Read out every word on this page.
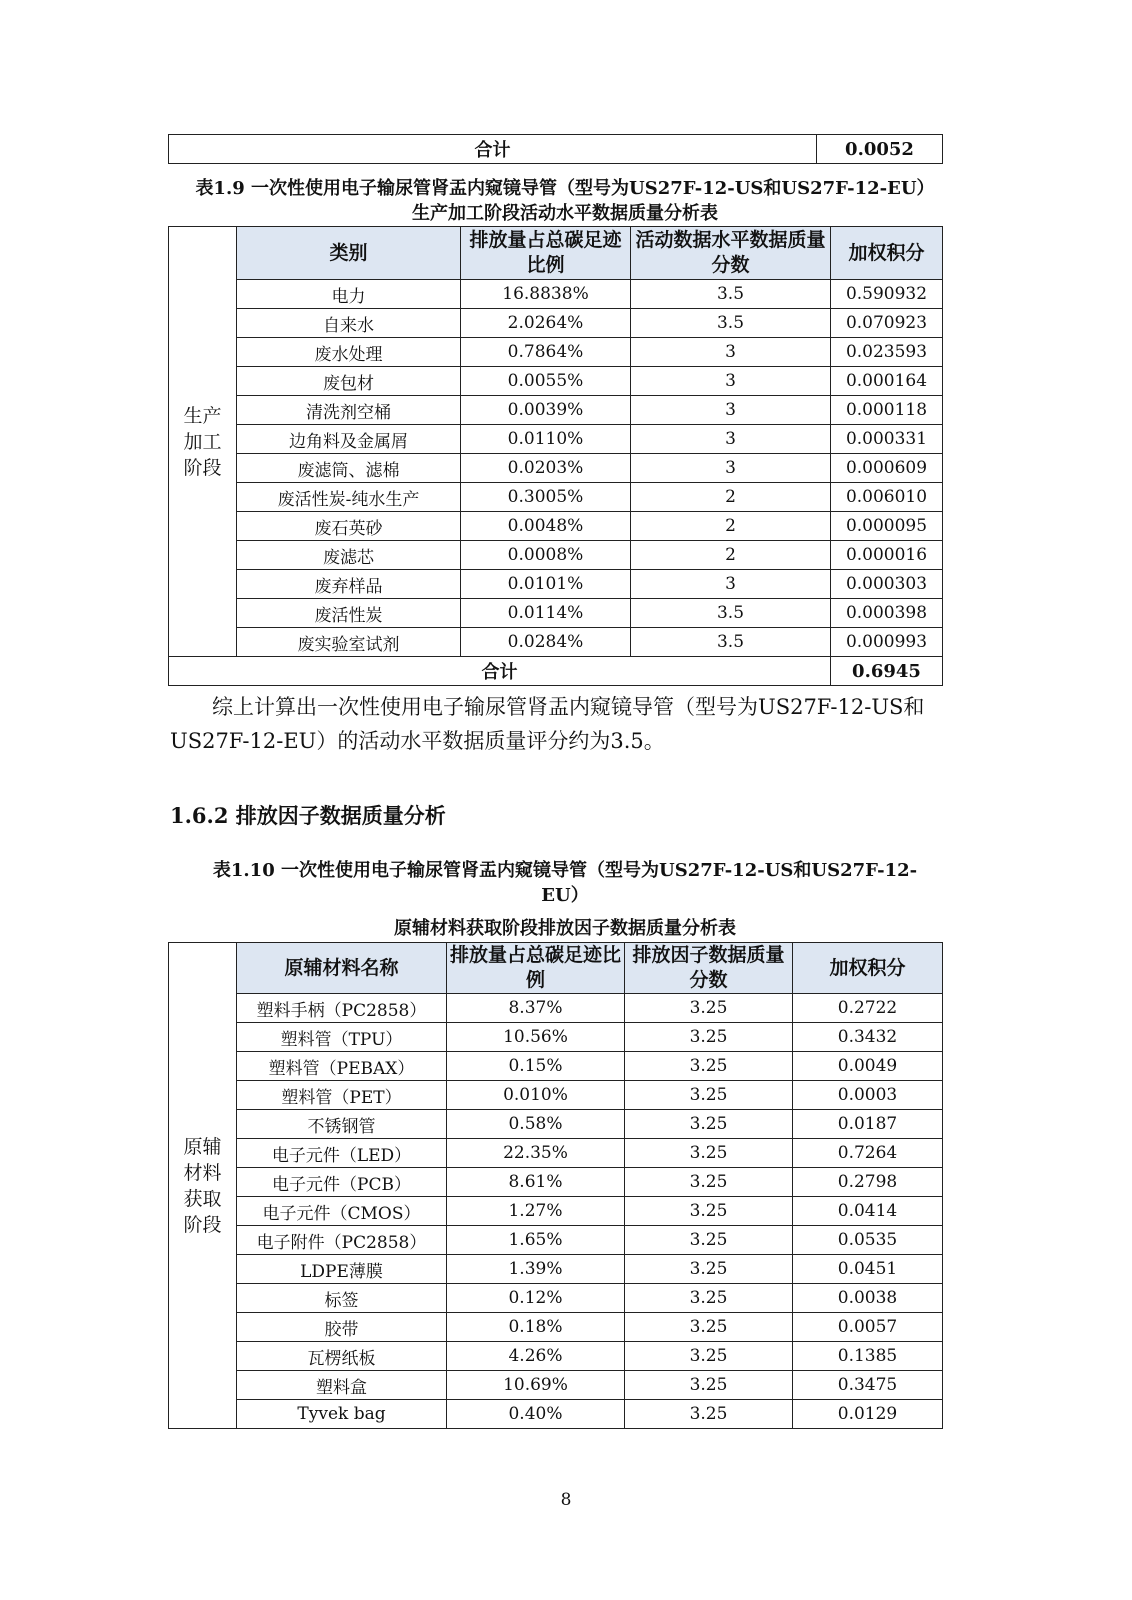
合计	0.0052
表1.9 一次性使用电子输尿管肾盂内窥镜导管（型号为US27F-12-US和US27F-12-EU）
生产加工阶段活动水平数据质量分析表
生产加工阶段	类别	排放量占总碳足迹比例	活动数据水平数据质量分数	加权积分
	电力	16.8838%	3.5	0.590932
	自来水	2.0264%	3.5	0.070923
	废水处理	0.7864%	3	0.023593
	废包材	0.0055%	3	0.000164
	清洗剂空桶	0.0039%	3	0.000118
	边角料及金属屑	0.0110%	3	0.000331
	废滤筒、滤棉	0.0203%	3	0.000609
	废活性炭-纯水生产	0.3005%	2	0.006010
	废石英砂	0.0048%	2	0.000095
	废滤芯	0.0008%	2	0.000016
	废弃样品	0.0101%	3	0.000303
	废活性炭	0.0114%	3.5	0.000398
	废实验室试剂	0.0284%	3.5	0.000993
合计				0.6945
综上计算出一次性使用电子输尿管肾盂内窥镜导管（型号为US27F-12-US和US27F-12-EU）的活动水平数据质量评分约为3.5。
1.6.2 排放因子数据质量分析
表1.10 一次性使用电子输尿管肾盂内窥镜导管（型号为US27F-12-US和US27F-12-
EU）
原辅材料获取阶段排放因子数据质量分析表
原辅材料获取阶段	原辅材料名称	排放量占总碳足迹比例	排放因子数据质量分数	加权积分
	塑料手柄（PC2858）	8.37%	3.25	0.2722
	塑料管（TPU）	10.56%	3.25	0.3432
	塑料管（PEBAX）	0.15%	3.25	0.0049
	塑料管（PET）	0.010%	3.25	0.0003
	不锈钢管	0.58%	3.25	0.0187
	电子元件（LED）	22.35%	3.25	0.7264
	电子元件（PCB）	8.61%	3.25	0.2798
	电子元件（CMOS）	1.27%	3.25	0.0414
	电子附件（PC2858）	1.65%	3.25	0.0535
	LDPE薄膜	1.39%	3.25	0.0451
	标签	0.12%	3.25	0.0038
	胶带	0.18%	3.25	0.0057
	瓦楞纸板	4.26%	3.25	0.1385
	塑料盒	10.69%	3.25	0.3475
	Tyvek bag	0.40%	3.25	0.0129
8
